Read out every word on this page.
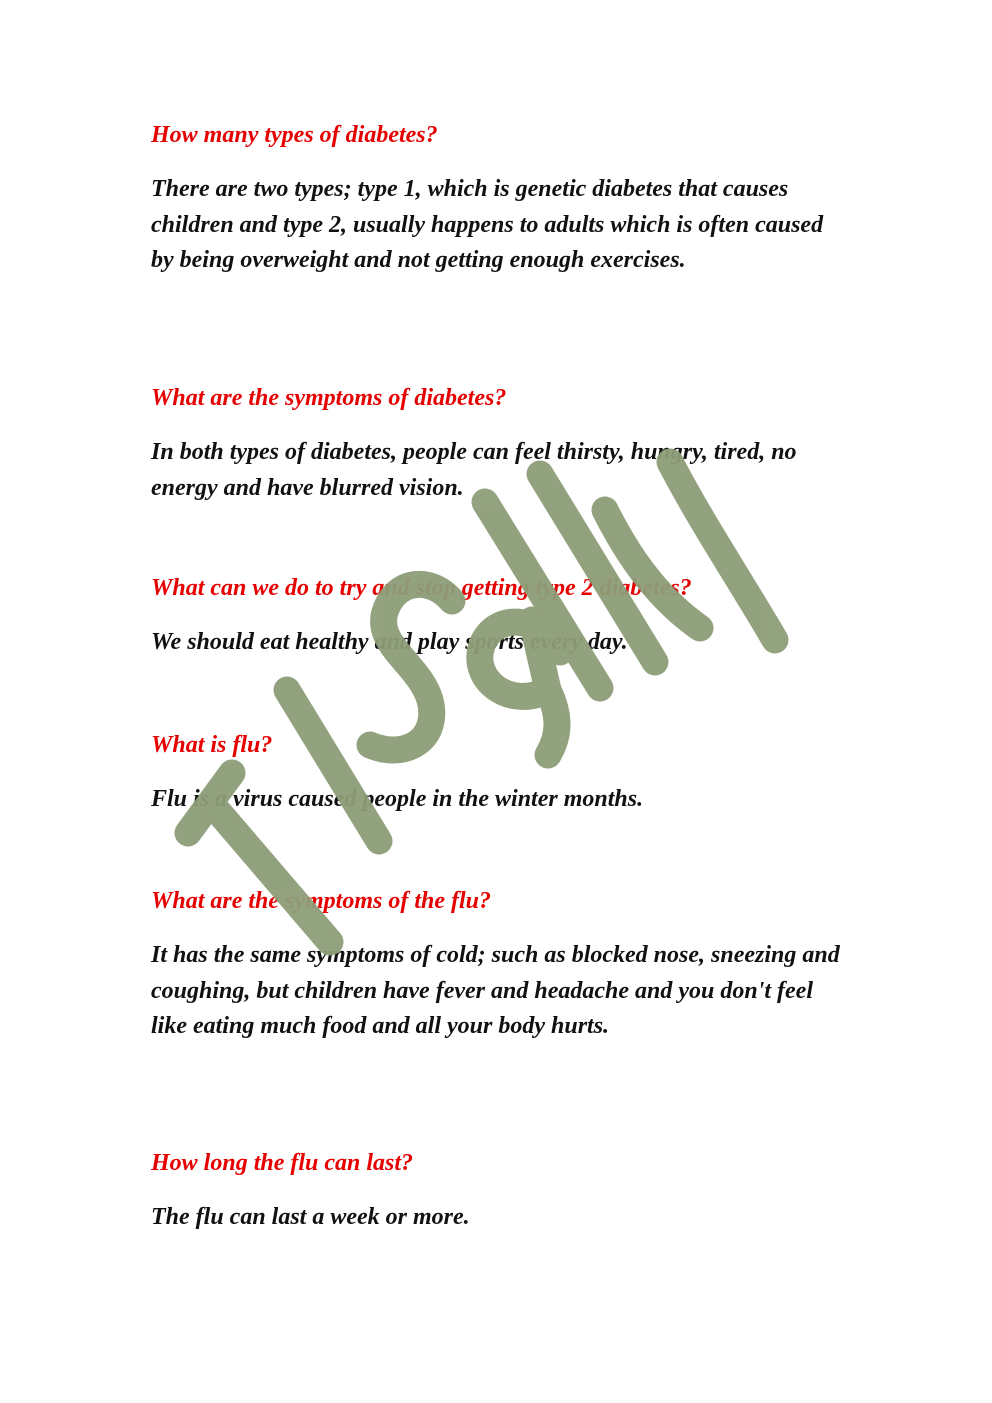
How many types of diabetes?

There are two types; type 1, which is genetic diabetes that causes children and type 2, usually happens to adults which is often caused by being overweight and not getting enough exercises.

What are the symptoms of diabetes?

In both types of diabetes, people can feel thirsty, hungry, tired, no energy and have blurred vision.

What can we do to try and stop getting type 2 diabetes?

We should eat healthy and play sports every day.

What is flu?

Flu is a virus caused people in the winter months.

What are the symptoms of the flu?

It has the same symptoms of cold; such as blocked nose, sneezing and coughing, but children have fever and headache and you don't feel like eating much food and all your body hurts.

How long the flu can last?

The flu can last a week or more.
